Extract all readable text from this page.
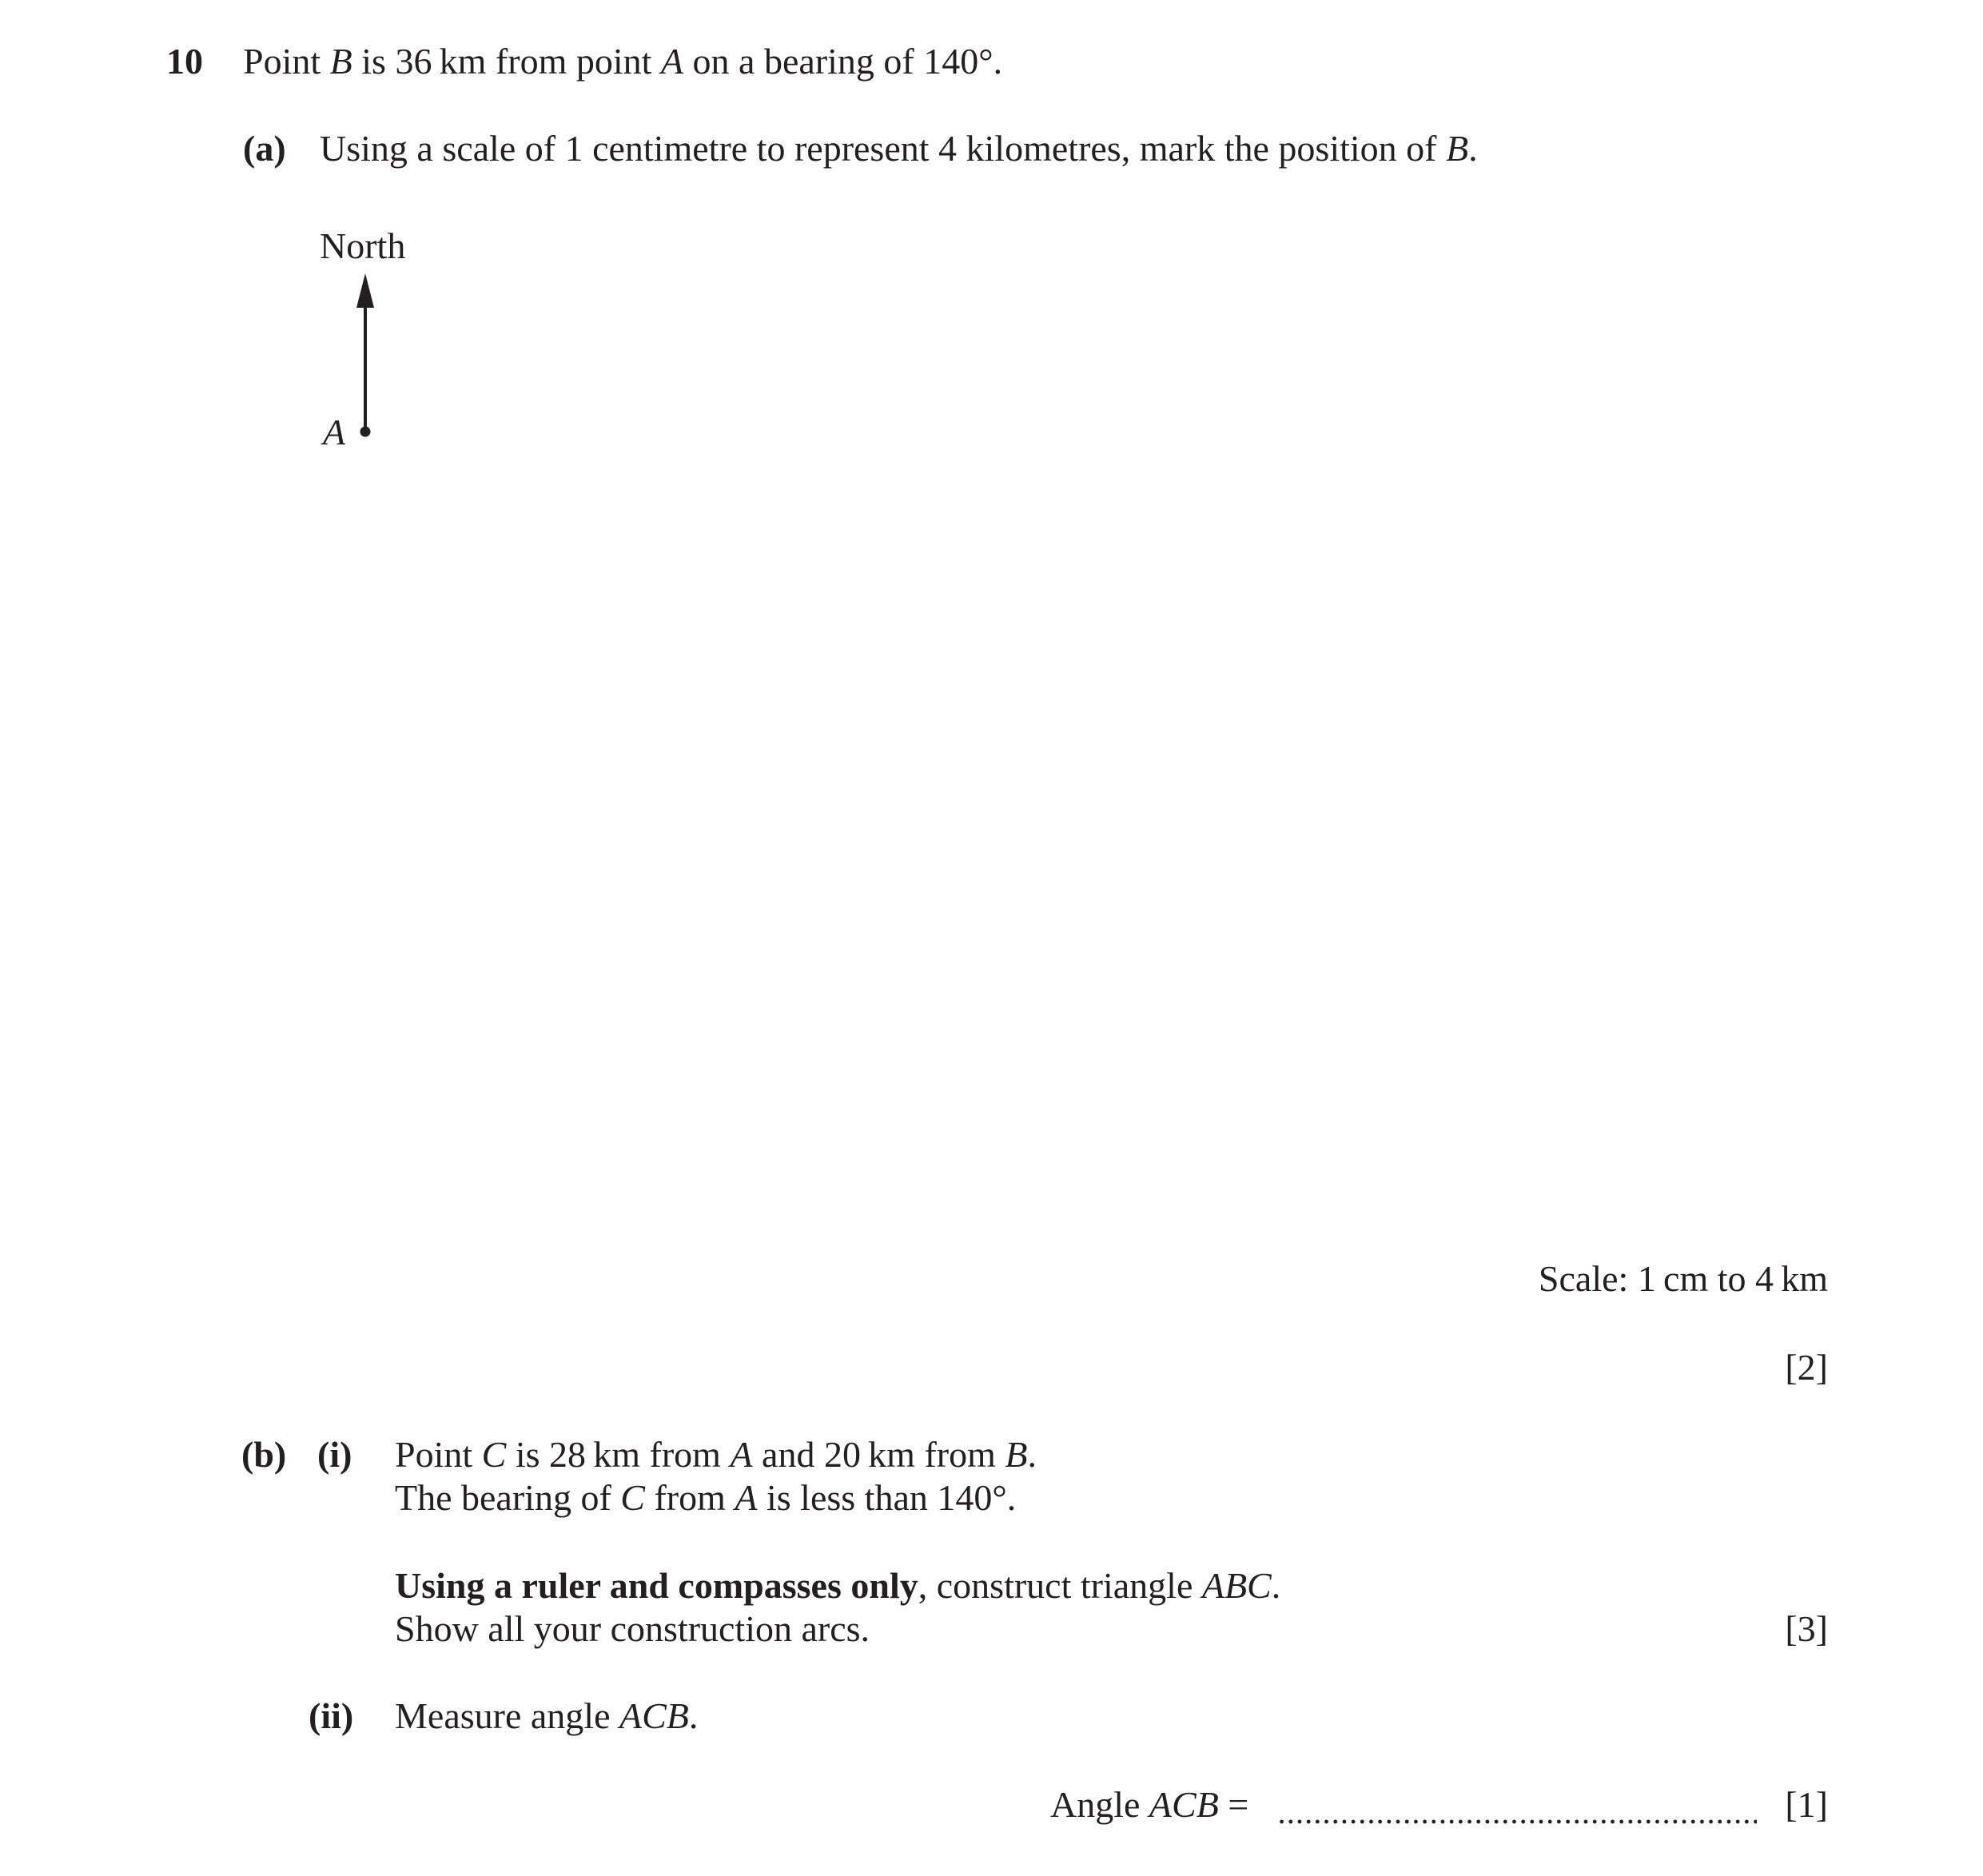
10 Point B is 36 km from point A on a bearing of 140°.
(a) Using a scale of 1 centimetre to represent 4 kilometres, mark the position of B.
North
A
Scale: 1 cm to 4 km
[2]
(b) (i) Point C is 28 km from A and 20 km from B.
The bearing of C from A is less than 140°.
Using a ruler and compasses only, construct triangle ABC.
Show all your construction arcs.	[3]
(ii) Measure angle ACB.
Angle ACB =	[1]
